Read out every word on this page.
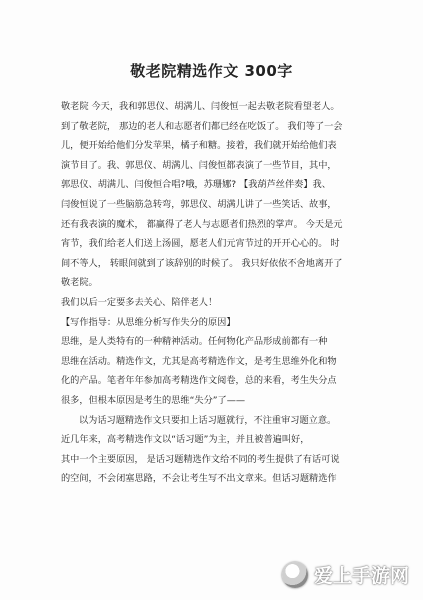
敬老院精选作文 300字
敬老院 今天，我和郭思仪、胡满儿、闫俊恒一起去敬老院看望老人。
到了敬老院， 那边的老人和志愿者们都已经在吃饭了。 我们等了一会
儿，便开始给他们分发苹果，橘子和糖。接着，我们就开始给他们表
演节目了。我、郭思仪、胡满儿、闫俊恒都表演了一些节目，其中，
郭思仪、胡满儿、闫俊恒合唱?哦，苏珊娜? 【我葫芦丝伴奏】我、
闫俊恒说了一些脑筋急转弯，郭思仪、胡满儿讲了一些笑话、故事，
还有我表演的魔术， 都赢得了老人与志愿者们热烈的掌声。 今天是元
宵节，我们给老人们送上汤圆，愿老人们元宵节过的开开心心的。 时
间不等人， 转眼间就到了该辞别的时候了。 我只好依依不舍地离开了
敬老院。
我们以后一定要多去关心、陪伴老人！
【写作指导：从思维分析写作失分的原因】
思维，是人类特有的一种精神活动。任何物化产品形成前都有一种
思维在活动。精选作文，尤其是高考精选作文，是考生思维外化和物
化的产品。笔者年年参加高考精选作文阅卷，总的来看，考生失分点
很多，但根本原因是考生的思维“失分”了——
以为话习题精选作文只要扣上话习题就行，不注重审习题立意。
近几年来，高考精选作文以“话习题”为主，并且被普遍叫好，
其中一个主要原因， 是话习题精选作文给不同的考生提供了有话可说
的空间，不会闭塞思路，不会让考生写不出文章来。但话习题精选作
爱上手游网
